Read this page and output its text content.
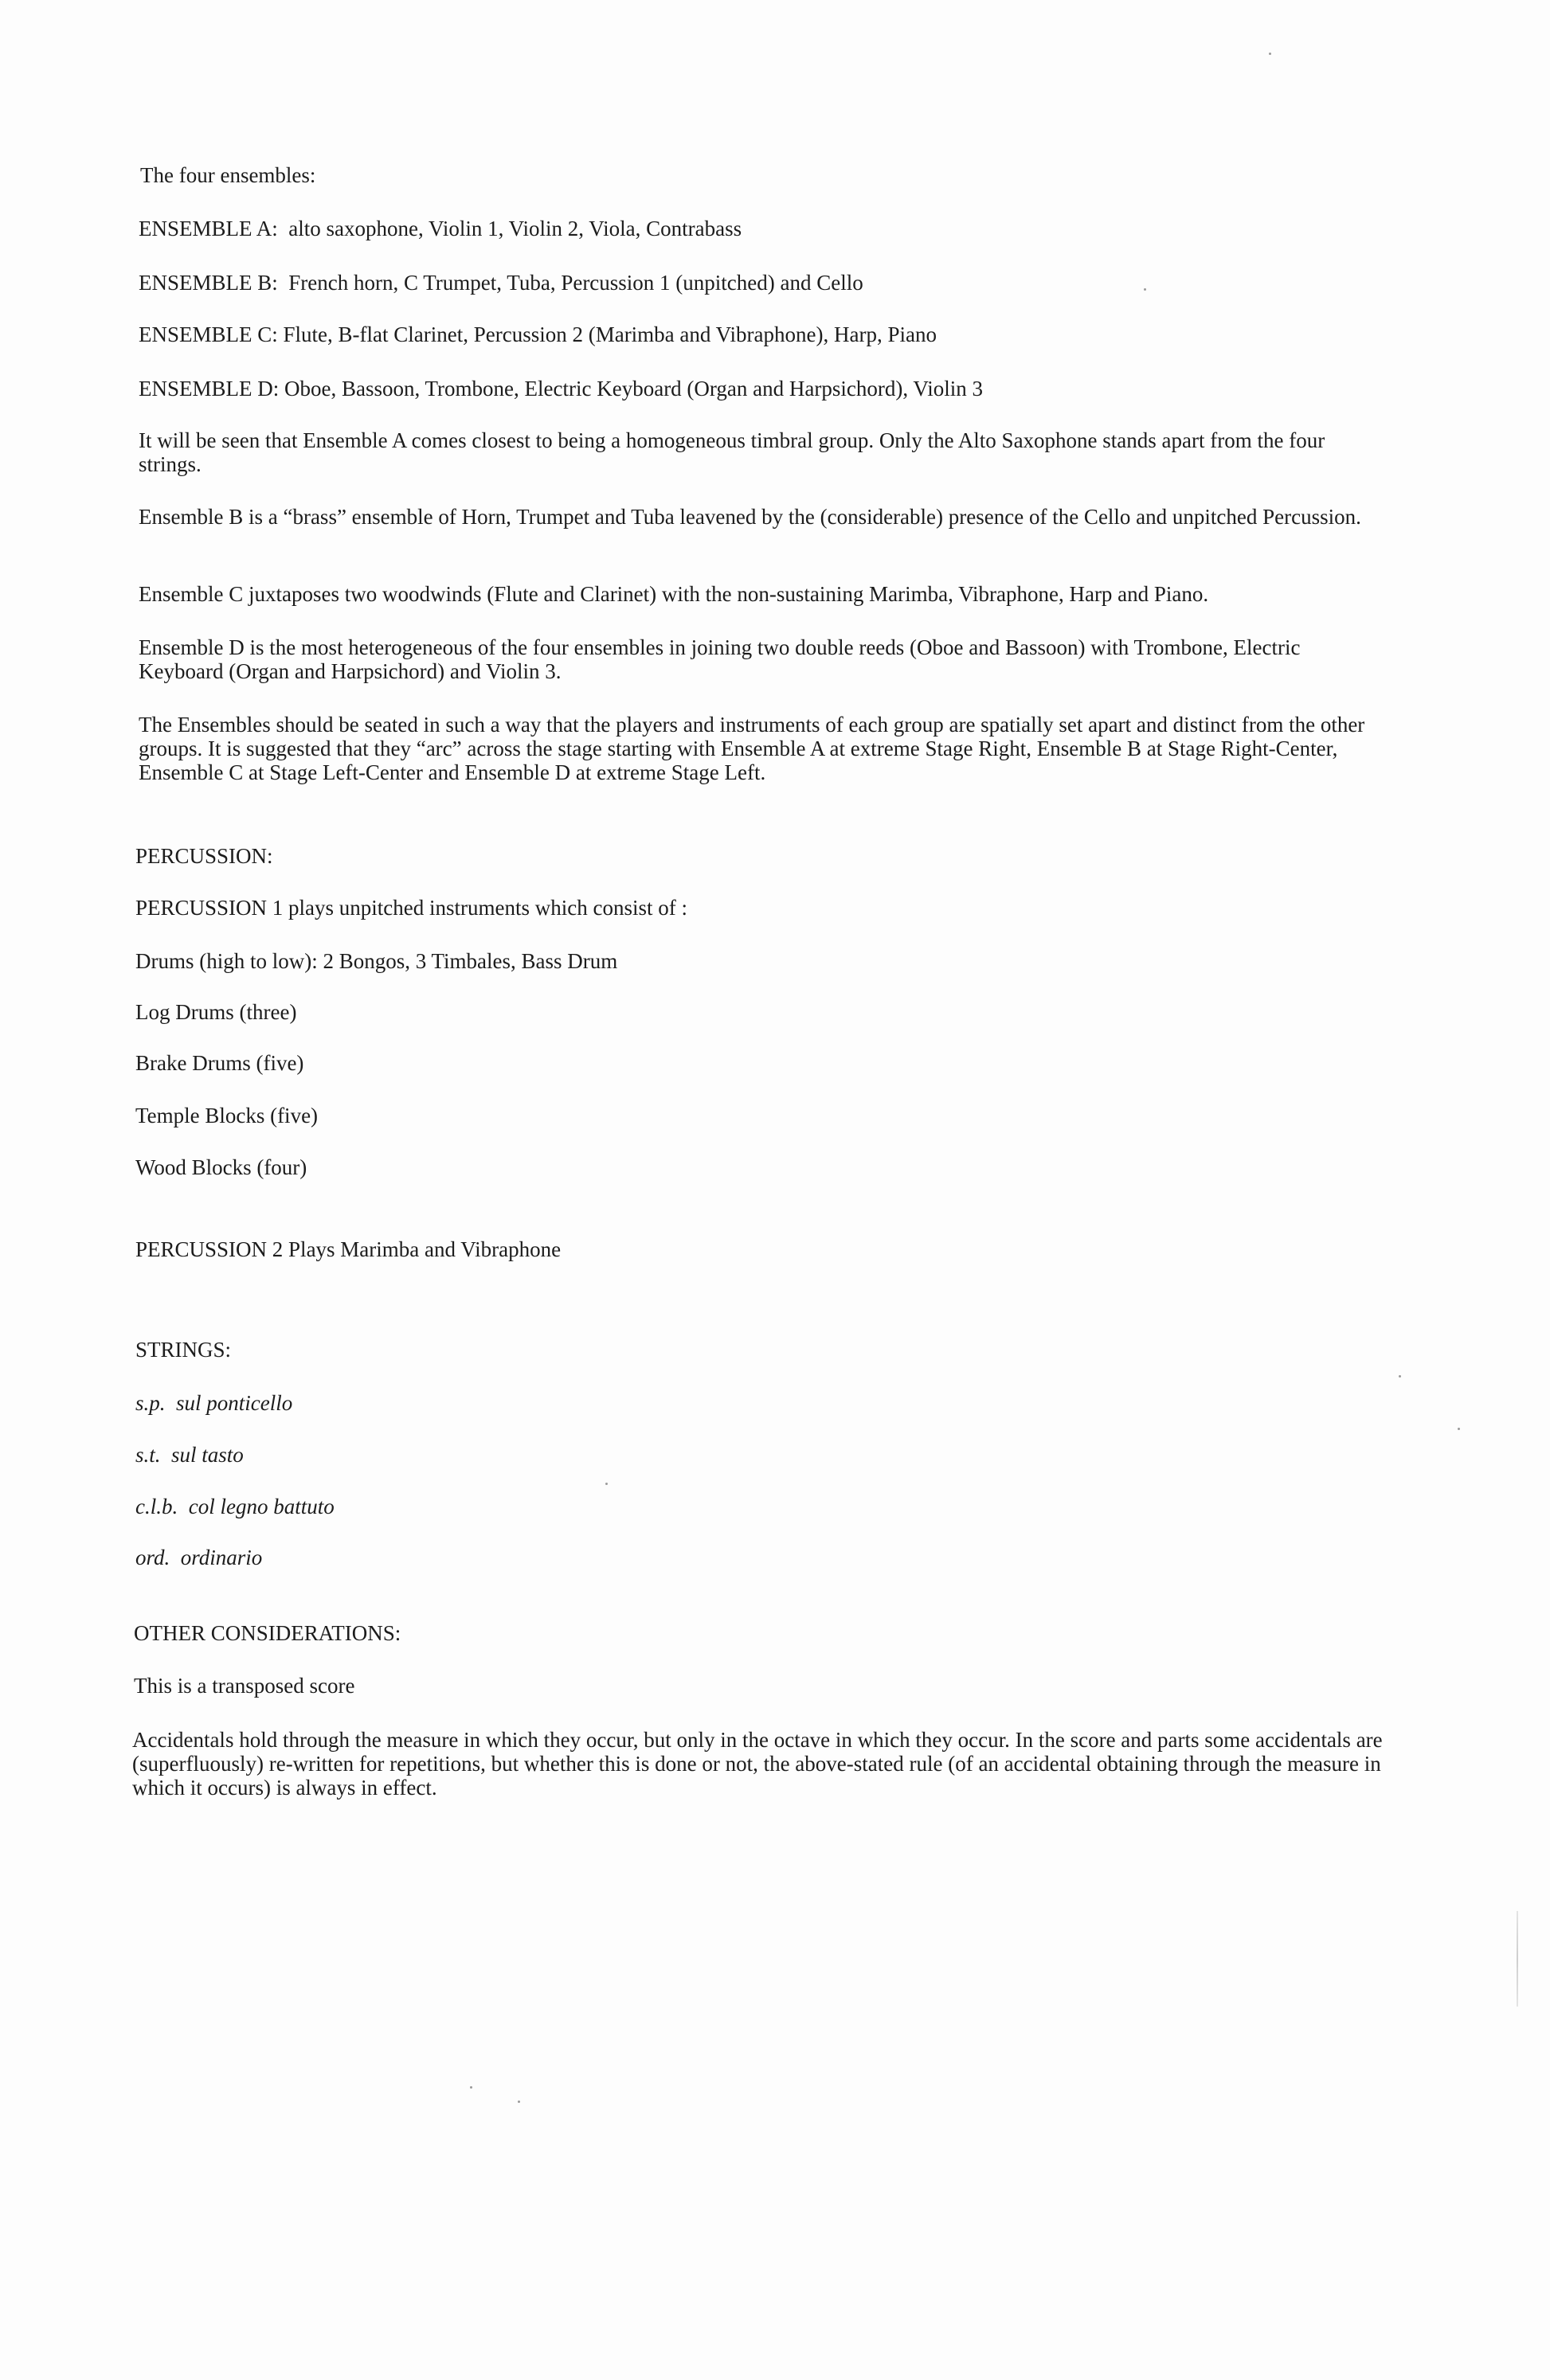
The four ensembles:

ENSEMBLE A: alto saxophone, Violin 1, Violin 2, Viola, Contrabass

ENSEMBLE B: French horn, C Trumpet, Tuba, Percussion 1 (unpitched) and Cello

ENSEMBLE C: Flute, B-flat Clarinet, Percussion 2 (Marimba and Vibraphone), Harp, Piano

ENSEMBLE D: Oboe, Bassoon, Trombone, Electric Keyboard (Organ and Harpsichord), Violin 3

It will be seen that Ensemble A comes closest to being a homogeneous timbral group. Only the Alto Saxophone stands apart from the four strings.

Ensemble B is a “brass” ensemble of Horn, Trumpet and Tuba leavened by the (considerable) presence of the Cello and unpitched Percussion.

Ensemble C juxtaposes two woodwinds (Flute and Clarinet) with the non-sustaining Marimba, Vibraphone, Harp and Piano.

Ensemble D is the most heterogeneous of the four ensembles in joining two double reeds (Oboe and Bassoon) with Trombone, Electric Keyboard (Organ and Harpsichord) and Violin 3.

The Ensembles should be seated in such a way that the players and instruments of each group are spatially set apart and distinct from the other groups. It is suggested that they “arc” across the stage starting with Ensemble A at extreme Stage Right, Ensemble B at Stage Right-Center, Ensemble C at Stage Left-Center and Ensemble D at extreme Stage Left.

PERCUSSION:

PERCUSSION 1 plays unpitched instruments which consist of :

Drums (high to low): 2 Bongos, 3 Timbales, Bass Drum

Log Drums (three)

Brake Drums (five)

Temple Blocks (five)

Wood Blocks (four)

PERCUSSION 2 Plays Marimba and Vibraphone

STRINGS:

s.p. sul ponticello

s.t. sul tasto

c.l.b. col legno battuto

ord. ordinario

OTHER CONSIDERATIONS:

This is a transposed score

Accidentals hold through the measure in which they occur, but only in the octave in which they occur. In the score and parts some accidentals are (superfluously) re-written for repetitions, but whether this is done or not, the above-stated rule (of an accidental obtaining through the measure in which it occurs) is always in effect.
